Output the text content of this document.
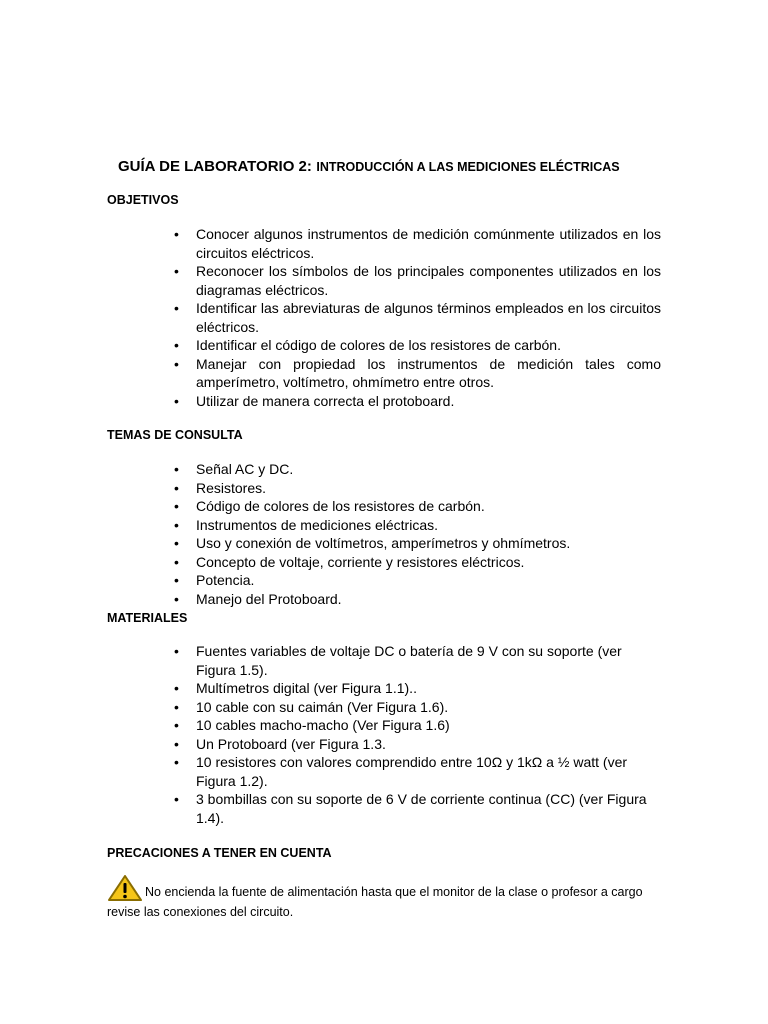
GUÍA DE LABORATORIO 2: INTRODUCCIÓN A LAS MEDICIONES ELÉCTRICAS
OBJETIVOS
• Conocer algunos instrumentos de medición comúnmente utilizados en los circuitos eléctricos.
• Reconocer los símbolos de los principales componentes utilizados en los diagramas eléctricos.
• Identificar las abreviaturas de algunos términos empleados en los circuitos eléctricos.
• Identificar el código de colores de los resistores de carbón.
• Manejar con propiedad los instrumentos de medición tales como amperímetro, voltímetro, ohmímetro entre otros.
• Utilizar de manera correcta el protoboard.
TEMAS DE CONSULTA
• Señal AC y DC.
• Resistores.
• Código de colores de los resistores de carbón.
• Instrumentos de mediciones eléctricas.
• Uso y conexión de voltímetros, amperímetros y ohmímetros.
• Concepto de voltaje, corriente y resistores eléctricos.
• Potencia.
• Manejo del Protoboard.
MATERIALES
• Fuentes variables de voltaje DC o batería de 9 V con su soporte (ver Figura 1.5).
• Multímetros digital (ver Figura 1.1)..
• 10 cable con su caimán (Ver Figura 1.6).
• 10 cables macho-macho (Ver Figura 1.6)
• Un Protoboard (ver Figura 1.3.
• 10 resistores con valores comprendido entre 10Ω y 1kΩ a ½ watt (ver Figura 1.2).
• 3 bombillas con su soporte de 6 V de corriente continua (CC) (ver Figura 1.4).
PRECACIONES A TENER EN CUENTA
No encienda la fuente de alimentación hasta que el monitor de la clase o profesor a cargo revise las conexiones del circuito.
